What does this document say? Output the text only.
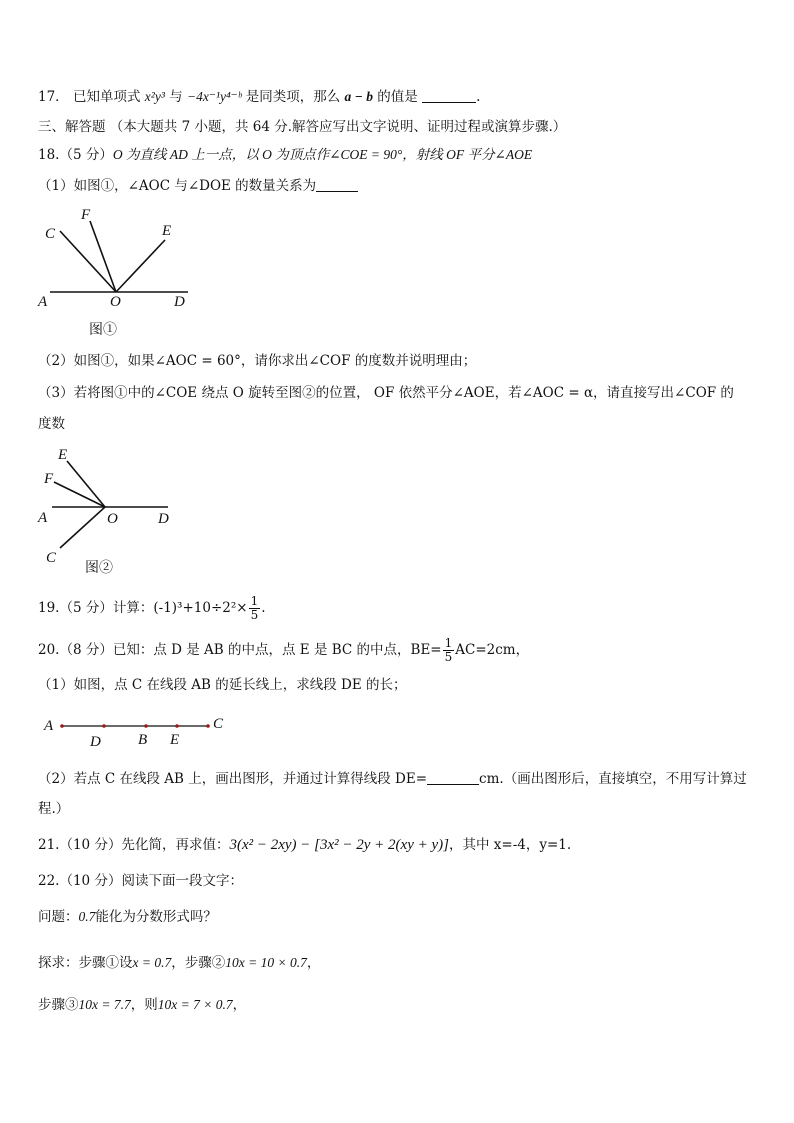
17． 已知单项式 x²y³ 与 −4x⁻¹y⁴⁻ᵇ 是同类项，那么 a − b 的值是	.
三、解答题 （本大题共 7 小题，共 64 分.解答应写出文字说明、证明过程或演算步骤.）
18.（5 分）O 为直线 AD 上一点，以 O 为顶点作∠COE = 90°，射线 OF 平分∠AOE
（1）如图①，∠AOC 与∠DOE 的数量关系为
C
F
E
A	O	D
图①
（2）如图①，如果∠AOC = 60°，请你求出∠COF 的度数并说明理由；
（3）若将图①中的∠COE 绕点 O 旋转至图②的位置， OF 依然平分∠AOE，若∠AOC = α，请直接写出∠COF 的
度数
E
F
A	O	D
C
图②
19.（5 分）计算：$(-1)^3+10\div 2^2\times \frac{1}{5}$ .
20.（8 分）已知：点 D 是 AB 的中点，点 E 是 BC 的中点，$BE= \frac{1}{5} AC=2cm$，
（1）如图，点 C 在线段 AB 的延长线上，求线段 DE 的长；
A
D B E
C
（2）若点 C 在线段 AB 上，画出图形，并通过计算得线段 DE=	cm.（画出图形后，直接填空，不用写计算过
程.）
21.（10 分）先化简，再求值：3(x² − 2xy) − [3x² − 2y + 2(xy + y)]，其中 x=-4，y=1.
22.（10 分）阅读下面一段文字：
问题：0.7能化为分数形式吗？
探求：步骤①设x = 0.7，步骤②10x = 10 × 0.7，
步骤③10x = 7.7，则10x = 7 × 0.7，
